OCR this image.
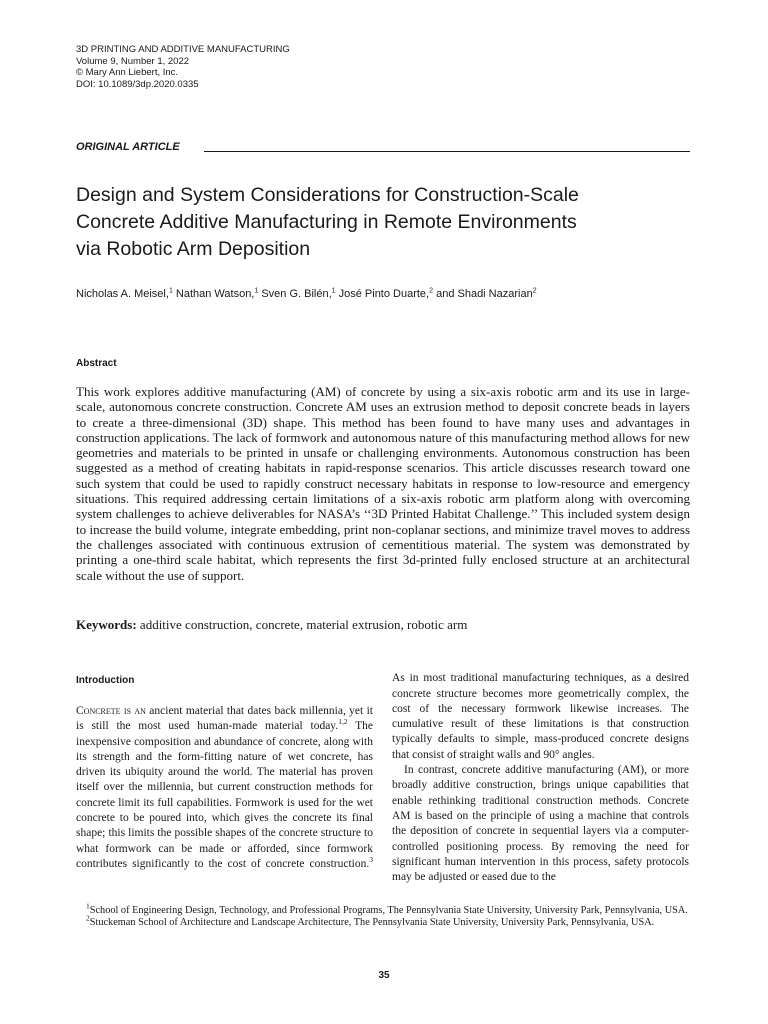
3D PRINTING AND ADDITIVE MANUFACTURING
Volume 9, Number 1, 2022
© Mary Ann Liebert, Inc.
DOI: 10.1089/3dp.2020.0335
ORIGINAL ARTICLE
Design and System Considerations for Construction-Scale
Concrete Additive Manufacturing in Remote Environments
via Robotic Arm Deposition
Nicholas A. Meisel,$^1$ Nathan Watson,$^1$ Sven G. Bilén,$^1$ José Pinto Duarte,$^2$ and Shadi Nazarian$^2$
Abstract

This work explores additive manufacturing (AM) of concrete by using a six-axis robotic arm and its use in large-scale, autonomous concrete construction. Concrete AM uses an extrusion method to deposit concrete beads in layers to create a three-dimensional (3D) shape. This method has been found to have many uses and advantages in construction applications. The lack of formwork and autonomous nature of this manufacturing method allows for new geometries and materials to be printed in unsafe or challenging environments. Autonomous construction has been suggested as a method of creating habitats in rapid-response scenarios. This article discusses research toward one such system that could be used to rapidly construct necessary habitats in response to low-resource and emergency situations. This required addressing certain limitations of a six-axis robotic arm platform along with overcoming system challenges to achieve deliverables for NASA’s ‘‘3D Printed Habitat Challenge.’’ This included system design to increase the build volume, integrate embedding, print non-coplanar sections, and minimize travel moves to address the challenges associated with continuous extrusion of cementitious material. The system was demonstrated by printing a one-third scale habitat, which represents the first 3d-printed fully enclosed structure at an architectural scale without the use of support.

Keywords: additive construction, concrete, material extrusion, robotic arm
Introduction

Concrete is an ancient material that dates back millennia, yet it is still the most used human-made material today.$^{1,2}$ The inexpensive composition and abundance of concrete, along with its strength and the form-fitting nature of wet concrete, has driven its ubiquity around the world. The material has proven itself over the millennia, but current construction methods for concrete limit its full capabilities. Formwork is used for the wet concrete to be poured into, which gives the concrete its final shape; this limits the possible shapes of the concrete structure to what formwork can be made or afforded, since formwork contributes significantly to the cost of concrete construction.$^3$

As in most traditional manufacturing techniques, as a desired concrete structure becomes more geometrically complex, the cost of the necessary formwork likewise increases. The cumulative result of these limitations is that construction typically defaults to simple, mass-produced concrete designs that consist of straight walls and 90° angles.

In contrast, concrete additive manufacturing (AM), or more broadly additive construction, brings unique capabilities that enable rethinking traditional construction methods. Concrete AM is based on the principle of using a machine that controls the deposition of concrete in sequential layers via a computer-controlled positioning process. By removing the need for significant human intervention in this process, safety protocols may be adjusted or eased due to the

$^1$School of Engineering Design, Technology, and Professional Programs, The Pennsylvania State University, University Park, Pennsylvania, USA.

$^2$Stuckeman School of Architecture and Landscape Architecture, The Pennsylvania State University, University Park, Pennsylvania, USA.

35
